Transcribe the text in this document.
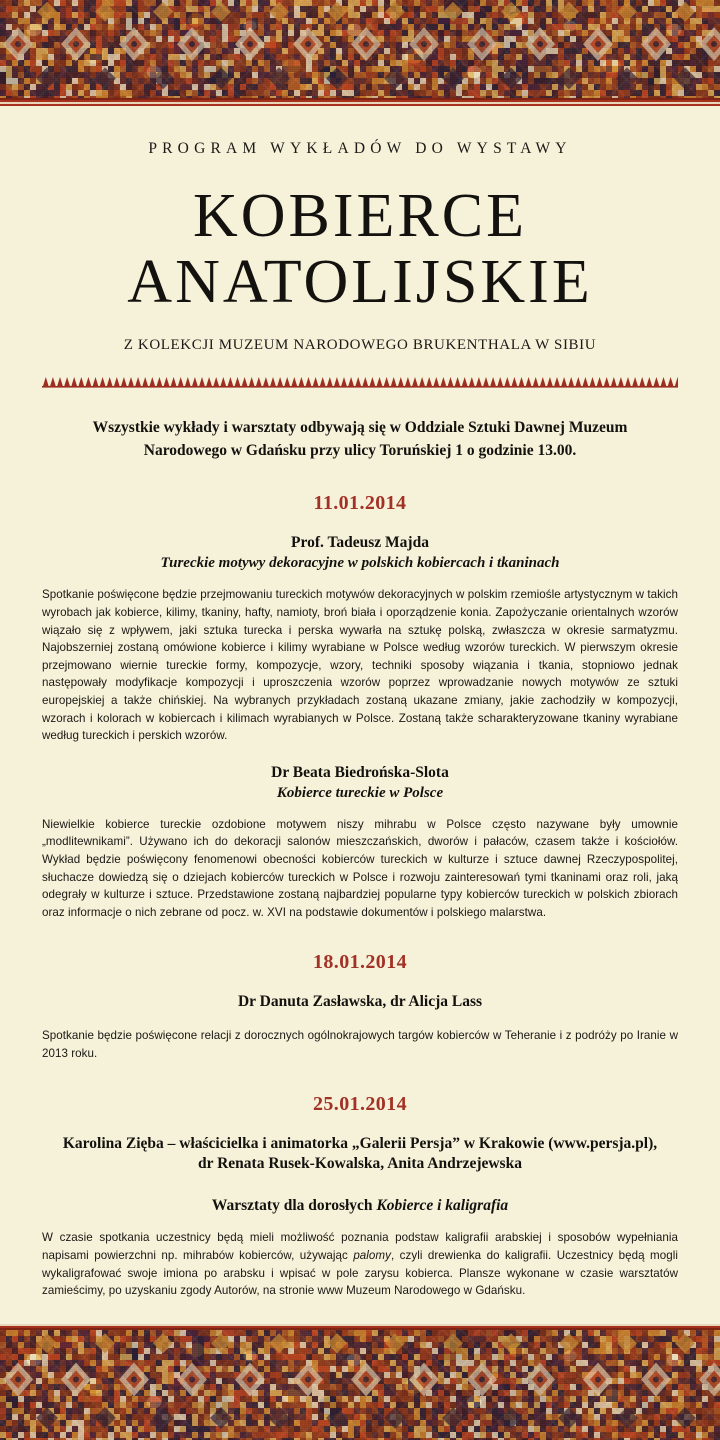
PROGRAM WYKŁADÓW DO WYSTAWY
KOBIERCE
ANATOLIJSKIE
Z KOLEKCJI MUZEUM NARODOWEGO BRUKENTHALA W SIBIU
Wszystkie wykłady i warsztaty odbywają się w Oddziale Sztuki Dawnej Muzeum Narodowego w Gdańsku przy ulicy Toruńskiej 1 o godzinie 13.00.
11.01.2014
Prof. Tadeusz Majda
Tureckie motywy dekoracyjne w polskich kobiercach i tkaninach

Spotkanie poświęcone będzie przejmowaniu tureckich motywów dekoracyjnych w polskim rzemiośle artystycznym w takich wyrobach jak kobierce, kilimy, tkaniny, hafty, namioty, broń biała i oporządzenie konia. Zapożyczanie orientalnych wzorów wiązało się z wpływem, jaki sztuka turecka i perska wywarła na sztukę polską, zwłaszcza w okresie sarmatyzmu. Najobszerniej zostaną omówione kobierce i kilimy wyrabiane w Polsce według wzorów tureckich. W pierwszym okresie przejmowano wiernie tureckie formy, kompozycje, wzory, techniki sposoby wiązania i tkania, stopniowo jednak następowały modyfikacje kompozycji i uproszczenia wzorów poprzez wprowadzanie nowych motywów ze sztuki europejskiej a także chińskiej. Na wybranych przykładach zostaną ukazane zmiany, jakie zachodziły w kompozycji, wzorach i kolorach w kobiercach i kilimach wyrabianych w Polsce. Zostaną także scharakteryzowane tkaniny wyrabiane według tureckich i perskich wzorów.

Dr Beata Biedrońska-Slota
Kobierce tureckie w Polsce

Niewielkie kobierce tureckie ozdobione motywem niszy mihrabu w Polsce często nazywane były umownie „modlitewnikami”. Używano ich do dekoracji salonów mieszczańskich, dworów i pałaców, czasem także i kościołów. Wykład będzie poświęcony fenomenowi obecności kobierców tureckich w kulturze i sztuce dawnej Rzeczypospolitej, słuchacze dowiedzą się o dziejach kobierców tureckich w Polsce i rozwoju zainteresowań tymi tkaninami oraz roli, jaką odegrały w kulturze i sztuce. Przedstawione zostaną najbardziej popularne typy kobierców tureckich w polskich zbiorach oraz informacje o nich zebrane od pocz. w. XVI na podstawie dokumentów i polskiego malarstwa.

18.01.2014
Dr Danuta Zasławska, dr Alicja Lass

Spotkanie będzie poświęcone relacji z dorocznych ogólnokrajowych targów kobierców w Teheranie i z podróży po Iranie w 2013 roku.

25.01.2014
Karolina Zięba – właścicielka i animatorka „Galerii Persja” w Krakowie (www.persja.pl),
dr Renata Rusek-Kowalska, Anita Andrzejewska
Warsztaty dla dorosłych Kobierce i kaligrafia

W czasie spotkania uczestnicy będą mieli możliwość poznania podstaw kaligrafii arabskiej i sposobów wypełniania napisami powierzchni np. mihrabów kobierców, używając palomy, czyli drewienka do kaligrafii. Uczestnicy będą mogli wykaligrafować swoje imiona po arabsku i wpisać w pole zarysu kobierca. Plansze wykonane w czasie warsztatów zamieścimy, po uzyskaniu zgody Autorów, na stronie www Muzeum Narodowego w Gdańsku.
